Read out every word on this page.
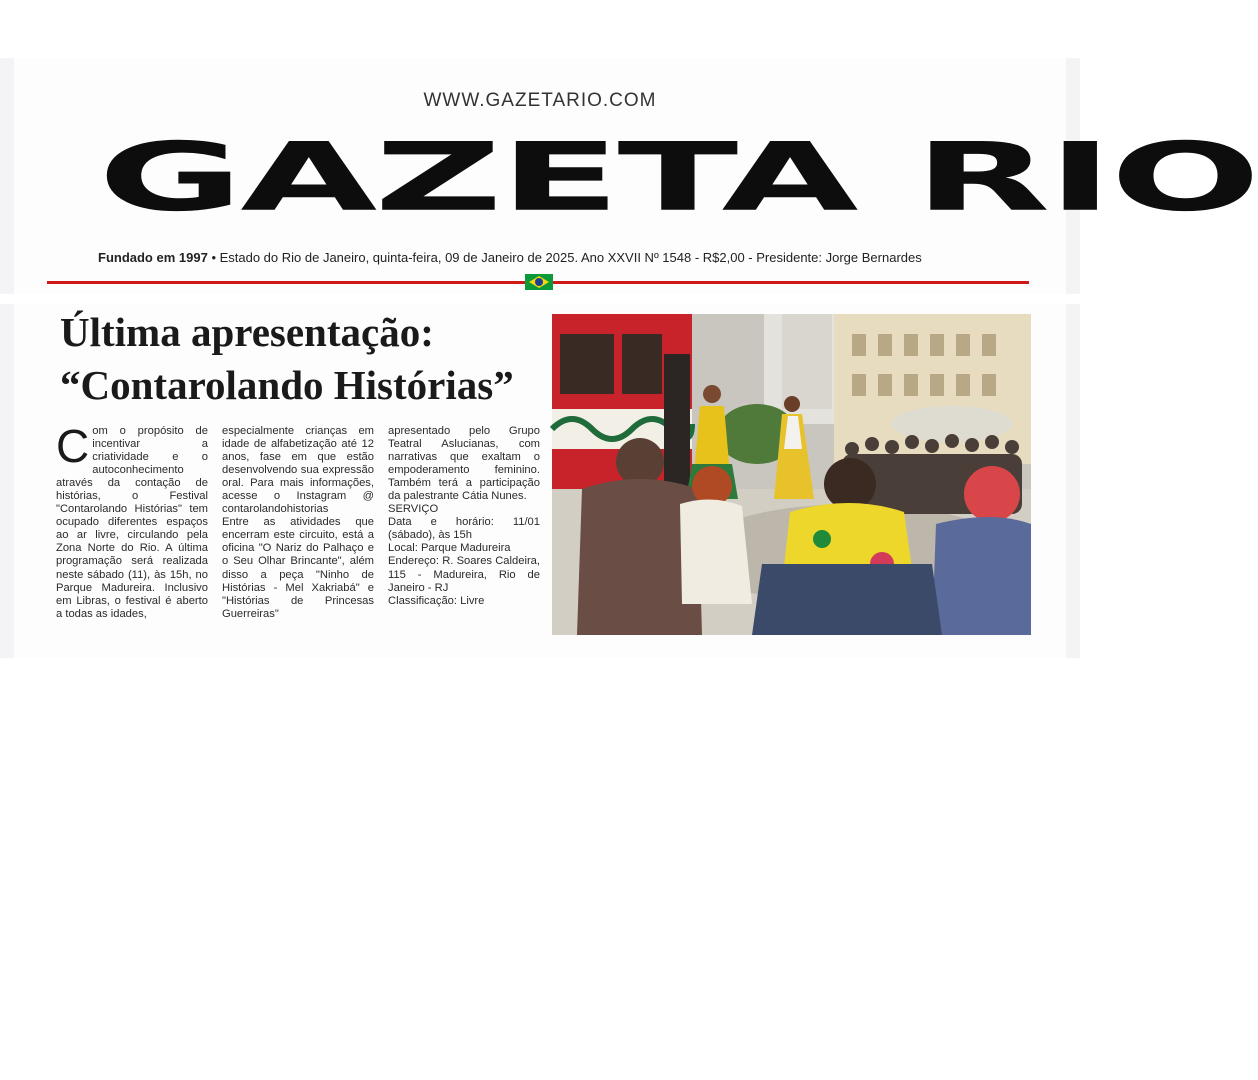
WWW.GAZETARIO.COM
GAZETA RIO
Fundado em 1997 • Estado do Rio de Janeiro, quinta-feira, 09 de Janeiro de 2025. Ano XXVII Nº 1548 - R$2,00 - Presidente: Jorge Bernardes
Última apresentação:
“Contarolando Histórias”
C om o propósito de incentivar a criatividade e o autoconhecimento através da contação de histórias, o Festival "Contarolando Histórias" tem ocupado diferentes espaços ao ar livre, circulando pela Zona Norte do Rio. A última programação será realizada neste sábado (11), às 15h, no Parque Madureira. Inclusivo em Libras, o festival é aberto a todas as idades,

especialmente crianças em idade de alfabetização até 12 anos, fase em que estão desenvolvendo sua expressão oral. Para mais informações, acesse o Instagram @ contarolandohistorias

Entre as atividades que encerram este circuito, está a oficina "O Nariz do Palhaço e o Seu Olhar Brincante", além disso a peça "Ninho de Histórias - Mel Xakriabá" e "Histórias de Princesas Guerreiras"

apresentado pelo Grupo Teatral Aslucianas, com narrativas que exaltam o empoderamento feminino. Também terá a participação da palestrante Cátia Nunes.

SERVIÇO

Data e horário: 11/01 (sábado), às 15h

Local: Parque Madureira

Endereço: R. Soares Caldeira, 115 - Madureira, Rio de Janeiro - RJ

Classificação: Livre
